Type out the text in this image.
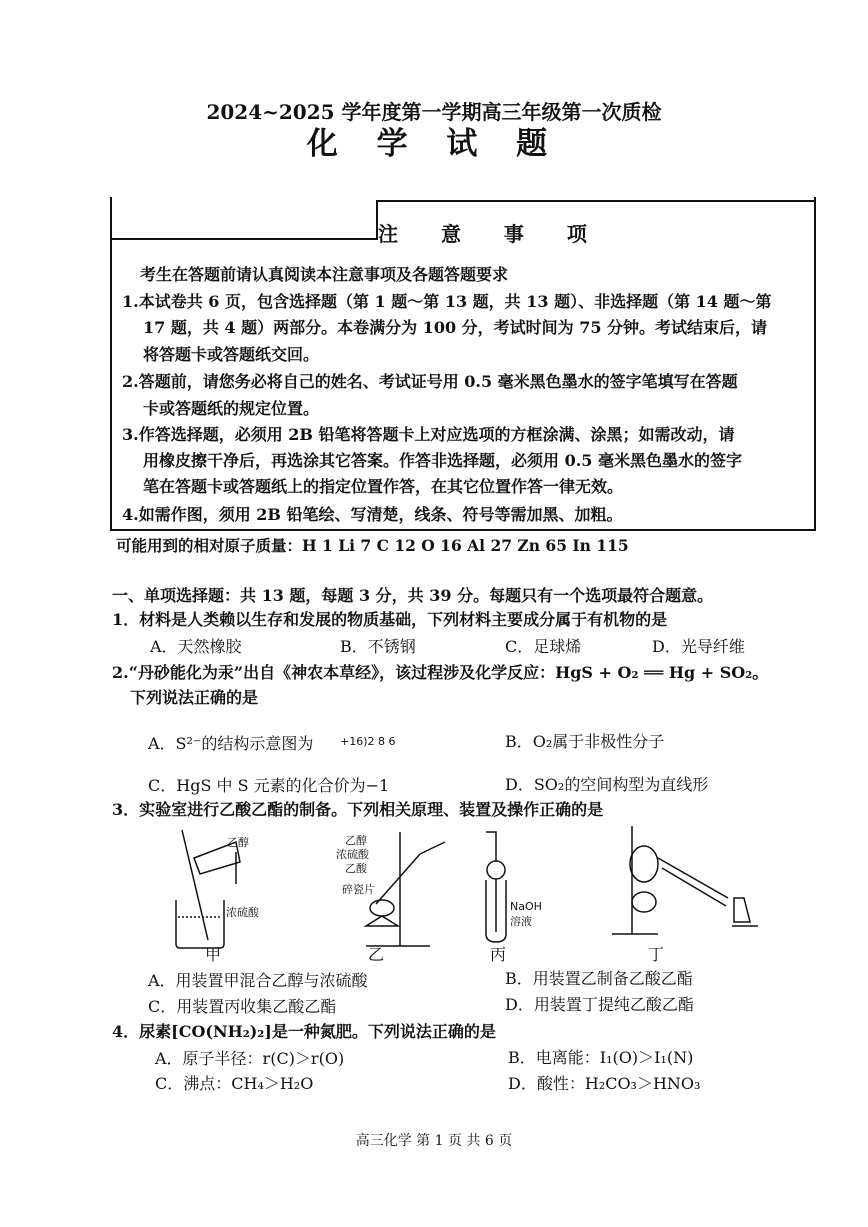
2024~2025 学年度第一学期高三年级第一次质检
化 学 试 题
注 意 事 项
考生在答题前请认真阅读本注意事项及各题答题要求
1.本试卷共 6 页，包含选择题（第 1 题～第 13 题，共 13 题）、非选择题（第 14 题～第
17 题，共 4 题）两部分。本卷满分为 100 分，考试时间为 75 分钟。考试结束后，请
将答题卡或答题纸交回。
2.答题前，请您务必将自己的姓名、考试证号用 0.5 毫米黑色墨水的签字笔填写在答题
卡或答题纸的规定位置。
3.作答选择题，必须用 2B 铅笔将答题卡上对应选项的方框涂满、涂黑；如需改动，请
用橡皮擦干净后，再选涂其它答案。作答非选择题，必须用 0.5 毫米黑色墨水的签字
笔在答题卡或答题纸上的指定位置作答，在其它位置作答一律无效。
4.如需作图，须用 2B 铅笔绘、写清楚，线条、符号等需加黑、加粗。
可能用到的相对原子质量：H 1 Li 7 C 12 O 16 Al 27 Zn 65 In 115
一、单项选择题：共 13 题，每题 3 分，共 39 分。每题只有一个选项最符合题意。
1．材料是人类赖以生存和发展的物质基础，下列材料主要成分属于有机物的是
A．天然橡胶	B．不锈钢	C．足球烯	D．光导纤维
2.“丹砂能化为汞”出自《神农本草经》，该过程涉及化学反应：HgS + O₂ ══ Hg + SO₂。
下列说法正确的是
A．S²⁻的结构示意图为 +16)2 8 6	B．O₂属于非极性分子
C．HgS 中 S 元素的化合价为−1	D．SO₂的空间构型为直线形
3．实验室进行乙酸乙酯的制备。下列相关原理、装置及操作正确的是
乙醇
浓硫酸
乙醇
浓硫酸
乙酸
碎瓷片
NaOH
溶液
甲	乙	丙	丁
A．用装置甲混合乙醇与浓硫酸	B．用装置乙制备乙酸乙酯
C．用装置丙收集乙酸乙酯	D．用装置丁提纯乙酸乙酯
4．尿素[CO(NH₂)₂]是一种氮肥。下列说法正确的是
A．原子半径：r(C)＞r(O)	B．电离能：I₁(O)＞I₁(N)
C．沸点：CH₄＞H₂O	D．酸性：H₂CO₃＞HNO₃
高三化学 第 1 页 共 6 页
